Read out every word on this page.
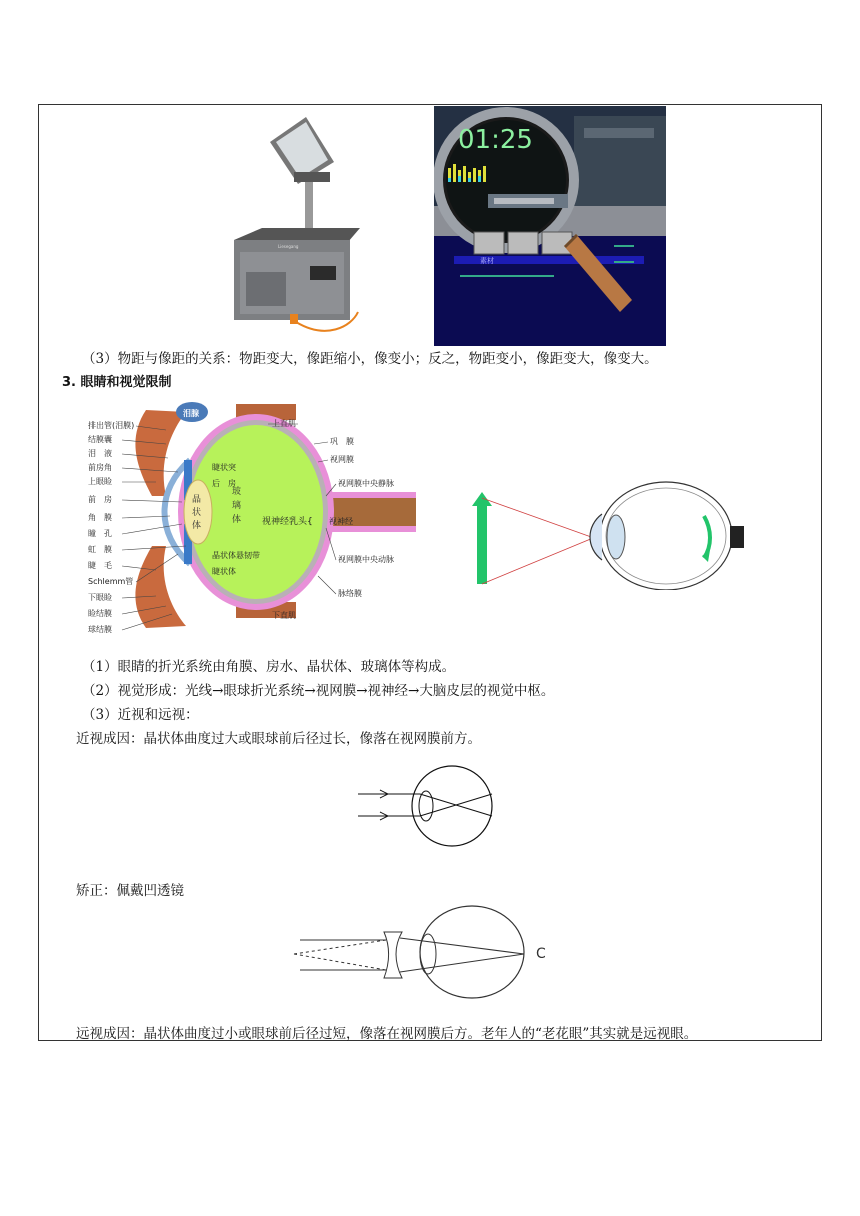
Liesegang
01:25
素材
（3）物距与像距的关系：物距变大，像距缩小，像变小；反之，物距变小，像距变大，像变大。
3. 眼睛和视觉限制
泪腺
晶
状
体
玻
璃
体 视神经乳头{ 视神经
睫状突
后　房
晶状体悬韧带
睫状体
排出管(泪膜)
结膜囊
泪　液
前房角
上眼睑
前　房
角　膜
瞳　孔
虹　膜
睫　毛
Schlemm管
下眼睑
睑结膜
球结膜
上直肌
巩　膜
视网膜
视网膜中央静脉
视网膜中央动脉
脉络膜
下直肌
（1）眼睛的折光系统由角膜、房水、晶状体、玻璃体等构成。
（2）视觉形成：光线→眼球折光系统→视网膜→视神经→大脑皮层的视觉中枢。
（3）近视和远视：
近视成因：晶状体曲度过大或眼球前后径过长，像落在视网膜前方。
矫正：佩戴凹透镜
C
远视成因：晶状体曲度过小或眼球前后径过短，像落在视网膜后方。老年人的“老花眼”其实就是远视眼。
